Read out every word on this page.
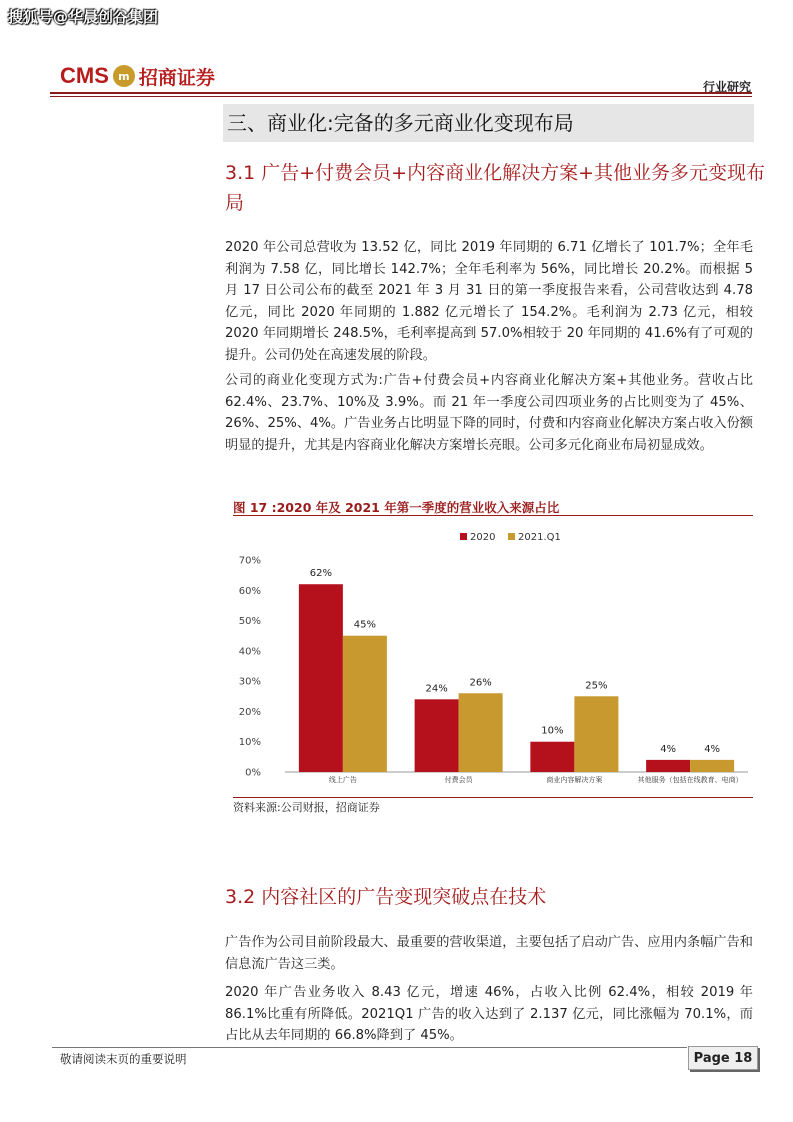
搜狐号@华晨创谷集团
CMS m 招商证券	行业研究
三、商业化:完备的多元商业化变现布局
3.1 广告+付费会员+内容商业化解决方案+其他业务多元变现布
局
2020 年公司总营收为 13.52 亿，同比 2019 年同期的 6.71 亿增长了 101.7%；全年毛利润为 7.58 亿，同比增长 142.7%；全年毛利率为 56%，同比增长 20.2%。而根据 5 月 17 日公司公布的截至 2021 年 3 月 31 日的第一季度报告来看，公司营收达到 4.78 亿元，同比 2020 年同期的 1.882 亿元增长了 154.2%。毛利润为 2.73 亿元，相较 2020 年同期增长 248.5%，毛利率提高到 57.0%相较于 20 年同期的 41.6%有了可观的提升。公司仍处在高速发展的阶段。
公司的商业化变现方式为:广告+付费会员+内容商业化解决方案+其他业务。营收占比 62.4%、23.7%、10%及 3.9%。而 21 年一季度公司四项业务的占比则变为了 45%、26%、25%、4%。广告业务占比明显下降的同时，付费和内容商业化解决方案占收入份额明显的提升，尤其是内容商业化解决方案增长亮眼。公司多元化商业布局初显成效。
图 17 :2020 年及 2021 年第一季度的营业收入来源占比
0%
10%
20%
30%
40%
50%
60%
70%
2020 2021.Q1
62%
45%
线上广告
24%
26%
付费会员
10%
25%
商业内容解决方案
4%	4%
其他服务（包括在线教育、电商）
资料来源:公司财报，招商证券
3.2 内容社区的广告变现突破点在技术
广告作为公司目前阶段最大、最重要的营收渠道，主要包括了启动广告、应用内条幅广告和信息流广告这三类。
2020 年广告业务收入 8.43 亿元，增速 46%，占收入比例 62.4%，相较 2019 年 86.1%比重有所降低。2021Q1 广告的收入达到了 2.137 亿元，同比涨幅为 70.1%，而占比从去年同期的 66.8%降到了 45%。
敬请阅读末页的重要说明	Page 18
